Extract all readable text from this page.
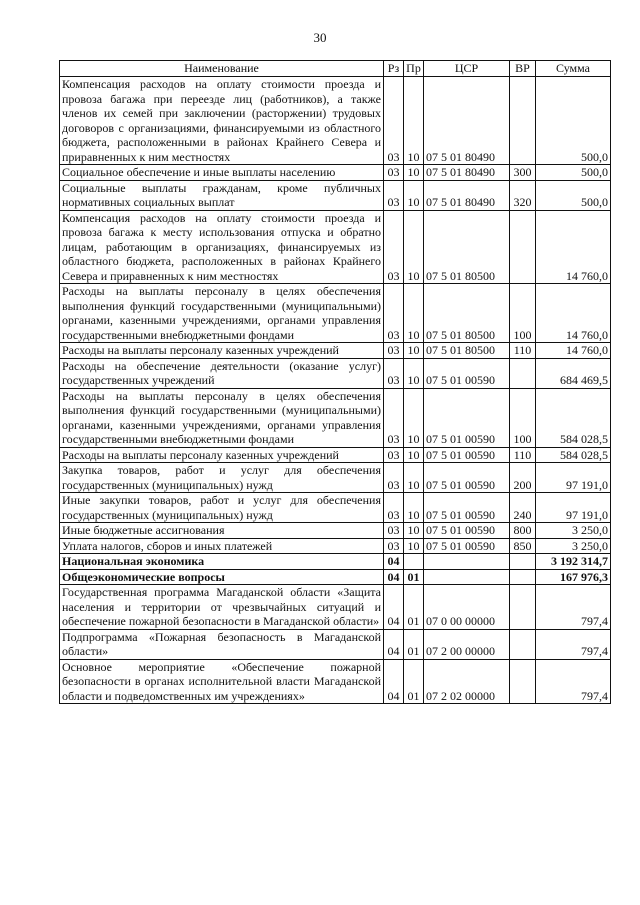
30
Наименование	Рз	Пр	ЦСР	ВР	Сумма
Компенсация расходов на оплату стоимости проезда и провоза багажа при переезде лиц (работников), а также членов их семей при заключении (расторжении) трудовых договоров с организациями, финансируемыми из областного бюджета, расположенными в районах Крайнего Севера и приравненных к ним местностях	03	10	07 5 01 80490		500,0
Социальное обеспечение и иные выплаты населению	03	10	07 5 01 80490	300	500,0
Социальные выплаты гражданам, кроме публичных нормативных социальных выплат	03	10	07 5 01 80490	320	500,0
Компенсация расходов на оплату стоимости проезда и провоза багажа к месту использования отпуска и обратно лицам, работающим в организациях, финансируемых из областного бюджета, расположенных в районах Крайнего Севера и приравненных к ним местностях	03	10	07 5 01 80500		14 760,0
Расходы на выплаты персоналу в целях обеспечения выполнения функций государственными (муниципальными) органами, казенными учреждениями, органами управления государственными внебюджетными фондами	03	10	07 5 01 80500	100	14 760,0
Расходы на выплаты персоналу казенных учреждений	03	10	07 5 01 80500	110	14 760,0
Расходы на обеспечение деятельности (оказание услуг) государственных учреждений	03	10	07 5 01 00590		684 469,5
Расходы на выплаты персоналу в целях обеспечения выполнения функций государственными (муниципальными) органами, казенными учреждениями, органами управления государственными внебюджетными фондами	03	10	07 5 01 00590	100	584 028,5
Расходы на выплаты персоналу казенных учреждений	03	10	07 5 01 00590	110	584 028,5
Закупка товаров, работ и услуг для обеспечения государственных (муниципальных) нужд	03	10	07 5 01 00590	200	97 191,0
Иные закупки товаров, работ и услуг для обеспечения государственных (муниципальных) нужд	03	10	07 5 01 00590	240	97 191,0
Иные бюджетные ассигнования	03	10	07 5 01 00590	800	3 250,0
Уплата налогов, сборов и иных платежей	03	10	07 5 01 00590	850	3 250,0
Национальная экономика	04				3 192 314,7
Общеэкономические вопросы	04	01			167 976,3
Государственная программа Магаданской области «Защита населения и территории от чрезвычайных ситуаций и обеспечение пожарной безопасности в Магаданской области»	04	01	07 0 00 00000		797,4
Подпрограмма «Пожарная безопасность в Магаданской области»	04	01	07 2 00 00000		797,4
Основное мероприятие «Обеспечение пожарной безопасности в органах исполнительной власти Магаданской области и подведомственных им учреждениях»	04	01	07 2 02 00000		797,4
